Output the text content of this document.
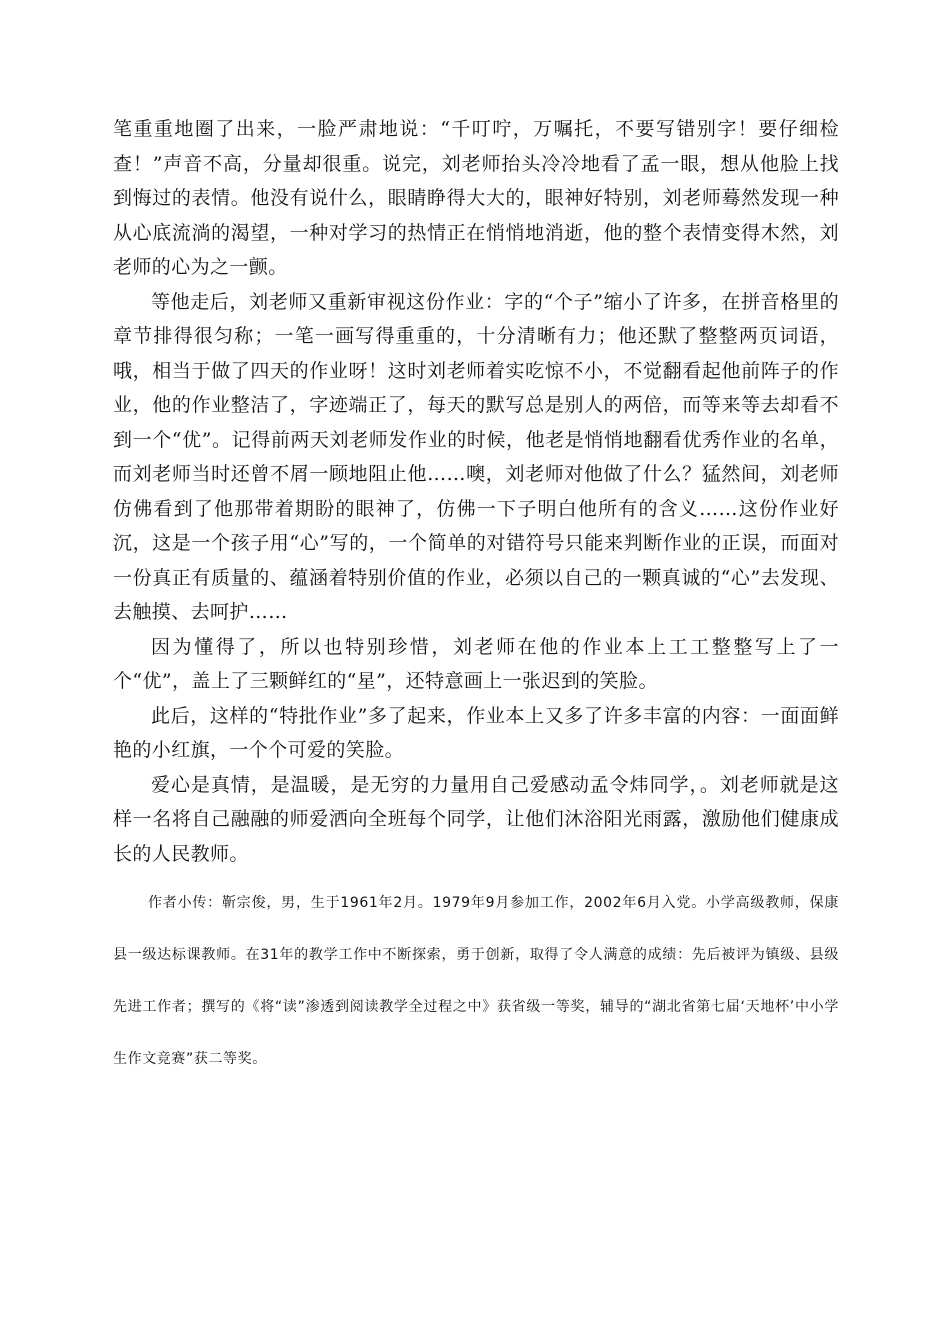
笔重重地圈了出来，一脸严肃地说：“千叮咛，万嘱托，不要写错别字！要仔细检查！”声音不高，分量却很重。说完，刘老师抬头冷冷地看了孟一眼，想从他脸上找到悔过的表情。他没有说什么，眼睛睁得大大的，眼神好特别，刘老师蓦然发现一种从心底流淌的渴望，一种对学习的热情正在悄悄地消逝，他的整个表情变得木然，刘老师的心为之一颤。

等他走后，刘老师又重新审视这份作业：字的“个子”缩小了许多，在拼音格里的章节排得很匀称；一笔一画写得重重的，十分清晰有力；他还默了整整两页词语，哦，相当于做了四天的作业呀！这时刘老师着实吃惊不小，不觉翻看起他前阵子的作业，他的作业整洁了，字迹端正了，每天的默写总是别人的两倍，而等来等去却看不到一个“优”。记得前两天刘老师发作业的时候，他老是悄悄地翻看优秀作业的名单，而刘老师当时还曾不屑一顾地阻止他……噢，刘老师对他做了什么？猛然间，刘老师仿佛看到了他那带着期盼的眼神了，仿佛一下子明白他所有的含义……这份作业好沉，这是一个孩子用“心”写的，一个简单的对错符号只能来判断作业的正误，而面对一份真正有质量的、蕴涵着特别价值的作业，必须以自己的一颗真诚的“心”去发现、去触摸、去呵护……

因为懂得了，所以也特别珍惜，刘老师在他的作业本上工工整整写上了一个“优”，盖上了三颗鲜红的“星”，还特意画上一张迟到的笑脸。

此后，这样的“特批作业”多了起来，作业本上又多了许多丰富的内容：一面面鲜艳的小红旗，一个个可爱的笑脸。

爱心是真情，是温暖，是无穷的力量用自己爱感动孟令炜同学，。刘老师就是这样一名将自己融融的师爱洒向全班每个同学，让他们沐浴阳光雨露，激励他们健康成长的人民教师。

作者小传：靳宗俊，男，生于1961年2月。1979年9月参加工作，2002年6月入党。小学高级教师，保康县一级达标课教师。在31年的教学工作中不断探索，勇于创新，取得了令人满意的成绩：先后被评为镇级、县级先进工作者；撰写的《将“读”渗透到阅读教学全过程之中》获省级一等奖，辅导的“湖北省第七届‘天地杯’中小学生作文竞赛”获二等奖。
